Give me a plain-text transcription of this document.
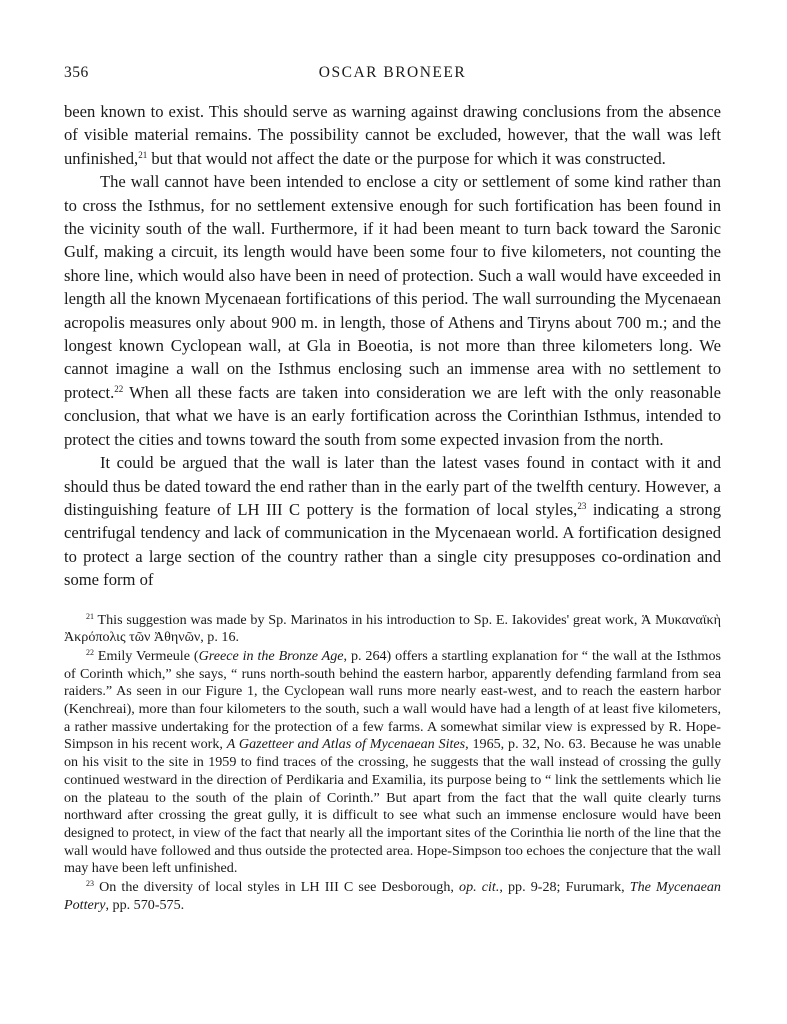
356	OSCAR BRONEER

been known to exist. This should serve as warning against drawing conclusions from the absence of visible material remains. The possibility cannot be excluded, however, that the wall was left unfinished,$^{21}$ but that would not affect the date or the purpose for which it was constructed.

The wall cannot have been intended to enclose a city or settlement of some kind rather than to cross the Isthmus, for no settlement extensive enough for such fortification has been found in the vicinity south of the wall. Furthermore, if it had been meant to turn back toward the Saronic Gulf, making a circuit, its length would have been some four to five kilometers, not counting the shore line, which would also have been in need of protection. Such a wall would have exceeded in length all the known Mycenaean fortifications of this period. The wall surrounding the Mycenaean acropolis measures only about 900 m. in length, those of Athens and Tiryns about 700 m.; and the longest known Cyclopean wall, at Gla in Boeotia, is not more than three kilometers long. We cannot imagine a wall on the Isthmus enclosing such an immense area with no settlement to protect.$^{22}$ When all these facts are taken into consideration we are left with the only reasonable conclusion, that what we have is an early fortification across the Corinthian Isthmus, intended to protect the cities and towns toward the south from some expected invasion from the north.

It could be argued that the wall is later than the latest vases found in contact with it and should thus be dated toward the end rather than in the early part of the twelfth century. However, a distinguishing feature of LH III C pottery is the formation of local styles,$^{23}$ indicating a strong centrifugal tendency and lack of communication in the Mycenaean world. A fortification designed to protect a large section of the country rather than a single city presupposes co-ordination and some form of

$^{21}$ This suggestion was made by Sp. Marinatos in his introduction to Sp. E. Iakovides' great work, Ἁ Μυκαναϊκὴ Ἀκρόπολις τῶν Ἀθηνῶν, p. 16.

$^{22}$ Emily Vermeule (Greece in the Bronze Age, p. 264) offers a startling explanation for “ the wall at the Isthmos of Corinth which,” she says, “ runs north-south behind the eastern harbor, apparently defending farmland from sea raiders.” As seen in our Figure 1, the Cyclopean wall runs more nearly east-west, and to reach the eastern harbor (Kenchreai), more than four kilometers to the south, such a wall would have had a length of at least five kilometers, a rather massive undertaking for the protection of a few farms. A somewhat similar view is expressed by R. Hope-Simpson in his recent work, A Gazetteer and Atlas of Mycenaean Sites, 1965, p. 32, No. 63. Because he was unable on his visit to the site in 1959 to find traces of the crossing, he suggests that the wall instead of crossing the gully continued westward in the direction of Perdikaria and Examilia, its purpose being to “ link the settlements which lie on the plateau to the south of the plain of Corinth.” But apart from the fact that the wall quite clearly turns northward after crossing the great gully, it is difficult to see what such an immense enclosure would have been designed to protect, in view of the fact that nearly all the important sites of the Corinthia lie north of the line that the wall would have followed and thus outside the protected area. Hope-Simpson too echoes the conjecture that the wall may have been left unfinished.

$^{23}$ On the diversity of local styles in LH III C see Desborough, op. cit., pp. 9-28; Furumark, The Mycenaean Pottery, pp. 570-575.
